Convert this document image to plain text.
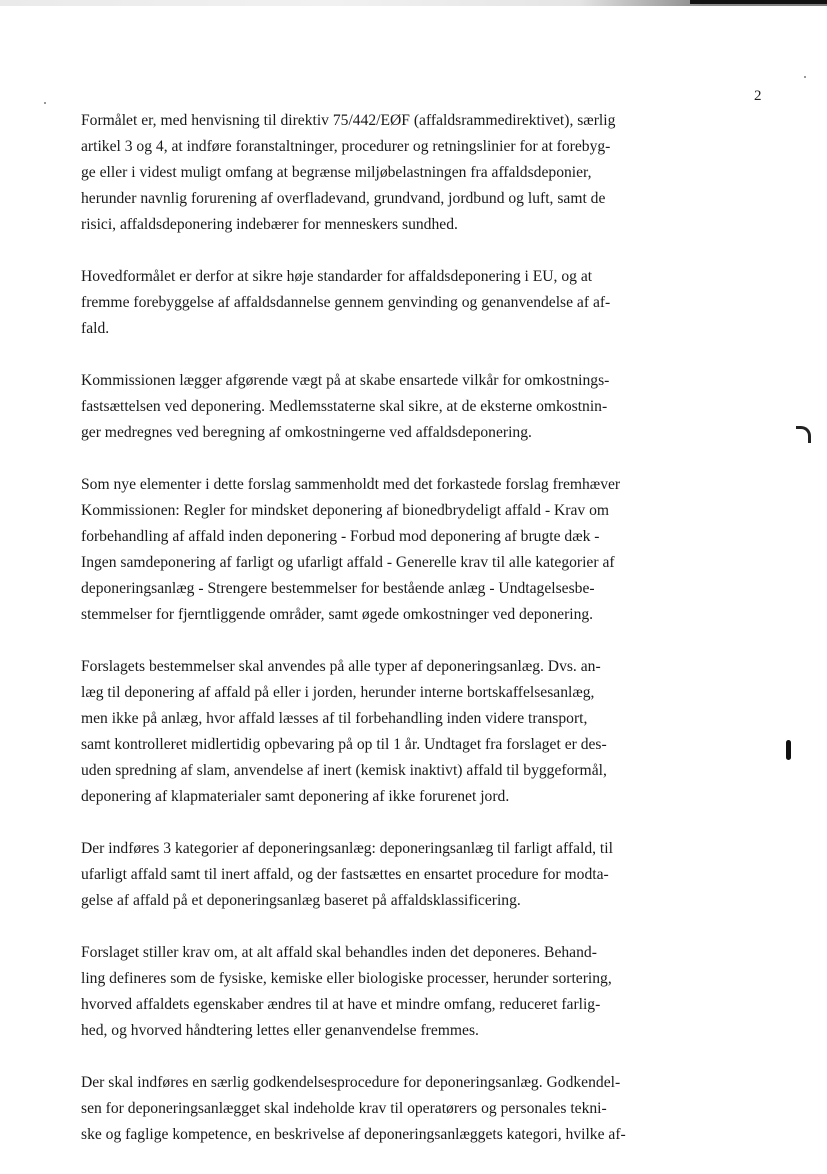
2

Formålet er, med henvisning til direktiv 75/442/EØF (affaldsrammedirektivet), særlig
artikel 3 og 4, at indføre foranstaltninger, procedurer og retningslinier for at forebyg-
ge eller i videst muligt omfang at begrænse miljøbelastningen fra affaldsdeponier,
herunder navnlig forurening af overfladevand, grundvand, jordbund og luft, samt de
risici, affaldsdeponering indebærer for menneskers sundhed.

Hovedformålet er derfor at sikre høje standarder for affaldsdeponering i EU, og at
fremme forebyggelse af affaldsdannelse gennem genvinding og genanvendelse af af-
fald.

Kommissionen lægger afgørende vægt på at skabe ensartede vilkår for omkostnings-
fastsættelsen ved deponering. Medlemsstaterne skal sikre, at de eksterne omkostnin-
ger medregnes ved beregning af omkostningerne ved affaldsdeponering.

Som nye elementer i dette forslag sammenholdt med det forkastede forslag fremhæver
Kommissionen: Regler for mindsket deponering af bionedbrydeligt affald - Krav om
forbehandling af affald inden deponering - Forbud mod deponering af brugte dæk -
Ingen samdeponering af farligt og ufarligt affald - Generelle krav til alle kategorier af
deponeringsanlæg - Strengere bestemmelser for bestående anlæg - Undtagelsesbe-
stemmelser for fjerntliggende områder, samt øgede omkostninger ved deponering.

Forslagets bestemmelser skal anvendes på alle typer af deponeringsanlæg. Dvs. an-
læg til deponering af affald på eller i jorden, herunder interne bortskaffelsesanlæg,
men ikke på anlæg, hvor affald læsses af til forbehandling inden videre transport,
samt kontrolleret midlertidig opbevaring på op til 1 år. Undtaget fra forslaget er des-
uden spredning af slam, anvendelse af inert (kemisk inaktivt) affald til byggeformål,
deponering af klapmaterialer samt deponering af ikke forurenet jord.

Der indføres 3 kategorier af deponeringsanlæg: deponeringsanlæg til farligt affald, til
ufarligt affald samt til inert affald, og der fastsættes en ensartet procedure for modta-
gelse af affald på et deponeringsanlæg baseret på affaldsklassificering.

Forslaget stiller krav om, at alt affald skal behandles inden det deponeres. Behand-
ling defineres som de fysiske, kemiske eller biologiske processer, herunder sortering,
hvorved affaldets egenskaber ændres til at have et mindre omfang, reduceret farlig-
hed, og hvorved håndtering lettes eller genanvendelse fremmes.

Der skal indføres en særlig godkendelsesprocedure for deponeringsanlæg. Godkendel-
sen for deponeringsanlægget skal indeholde krav til operatørers og personales tekni-
ske og faglige kompetence, en beskrivelse af deponeringsanlæggets kategori, hvilke af-
